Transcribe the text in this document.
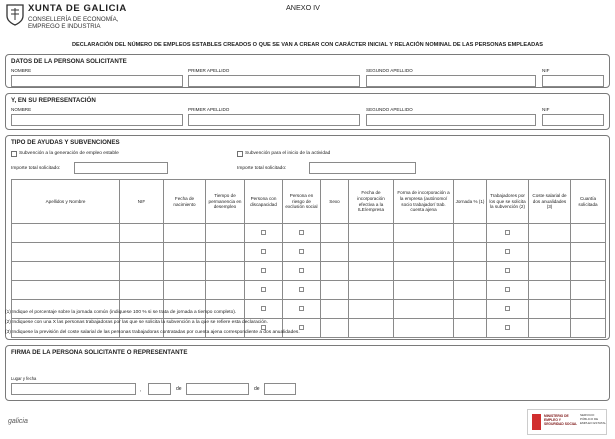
XUNTA DE GALICIA
CONSELLERÍA DE ECONOMÍA,
EMPREGO E INDUSTRIA
ANEXO IV
DECLARACIÓN DEL NÚMERO DE EMPLEOS ESTABLES CREADOS O QUE SE VAN A CREAR CON CARÁCTER INICIAL Y RELACIÓN NOMINAL DE LAS PERSONAS EMPLEADAS
DATOS DE LA PERSONA SOLICITANTE
NOMBRE	PRIMER APELLIDO	SEGUNDO APELLIDO	NIF
Y, EN SU REPRESENTACIÓN
NOMBRE	PRIMER APELLIDO	SEGUNDO APELLIDO	NIF
TIPO DE AYUDAS Y SUBVENCIONES
Subvención a la generación de empleo estable	Subvención para el inicio de la actividad
Importe total solicitado:	Importe total solicitado:
Apellidos y Nombre	NIF	Fecha de nacimiento	Tiempo de permanencia en desempleo	Persona con discapacidad	Persona en riesgo de exclusión social	Sexo	Fecha de incorporación efectiva a la ILE/empresa	Forma de incorporación a la empresa (autónomo/ socio trabajador/ trab. cuenta ajena	Jornada % (1)	Trabajadores por los que se solicita la subvención (2)	Coste salarial de dos anualidades (3)	Cuantía solicitada

(1) Indique el porcentaje sobre la jornada común (indiquese 100 % si se trata de jornada a tiempo completo).
(2) Indiquese con una X las personas trabajadoras por las que se solicita la subvención a la que se refiere esta declaración.
(3) Indiquese la previsión del coste salarial de las personas trabajadoras contratadas por cuenta ajena correspondiente a dos anualidades.
FIRMA DE LA PERSONA SOLICITANTE O REPRESENTANTE
Lugar y fecha
,	de	de
galicia
MINISTERIO DE EMPLEO Y SEGURIDAD SOCIAL
SERVICIO PÚBLICO DE EMPLEO ESTATAL
